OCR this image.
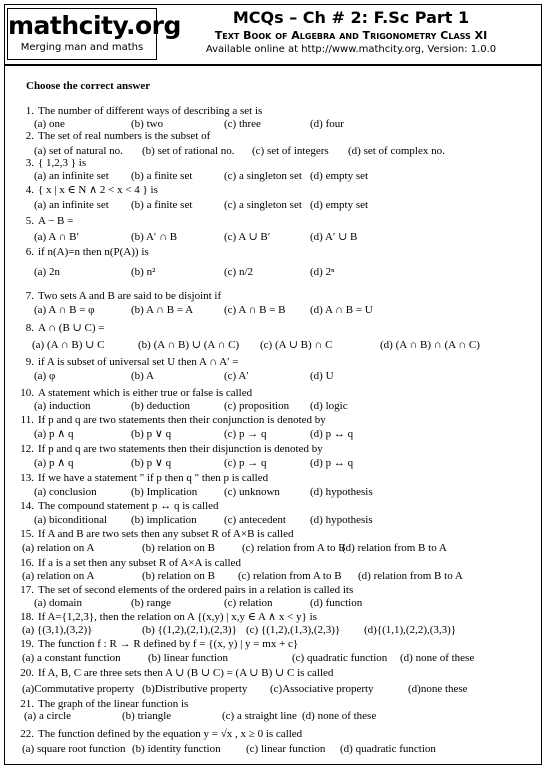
mathcity.org
Merging man and maths
MCQs – Ch # 2: F.Sc Part 1
Text Book of Algebra and Trigonometry Class XI
Available online at http://www.mathcity.org, Version: 1.0.0
Choose the correct answer
1. The number of different ways of describing a set is
(a) one	(b) two	(c) three	(d) four
2. The set of real numbers is the subset of
(a) set of natural no. (b) set of rational no. (c) set of integers (d) set of complex no.
3. { 1,2,3 } is
(a) an infinite set (b) a finite set	(c) a singleton set (d) empty set
4. { x | x ∈ N ∧ 2 < x < 4 } is
(a) an infinite set (b) a finite set	(c) a singleton set (d) empty set
5. A − B =
(a) A ∩ B′	(b) A′ ∩ B	(c) A ∪ B′	(d) A′ ∪ B
6. if n(A)=n then n(P(A)) is
(a) 2n	(b) n²	(c) n/2	(d) 2ⁿ
7. Two sets A and B are said to be disjoint if
(a) A ∩ B = φ	(b) A ∩ B = A	(c) A ∩ B = B (d) A ∩ B = U
8. A ∩ (B ∪ C) =
(a) (A ∩ B) ∪ C	(b) (A ∩ B) ∪ (A ∩ C) (c) (A ∪ B) ∩ C	(d) (A ∩ B) ∩ (A ∩ C)
9. if A is subset of universal set U then A ∩ A′ =
(a) φ	(b) A	(c) A′	(d) U
10. A statement which is either true or false is called
(a) induction	(b) deduction	(c) proposition (d) logic
11. If p and q are two statements then their conjunction is denoted by
(a) p ∧ q	(b) p ∨ q	(c) p → q	(d) p ↔ q
12. If p and q are two statements then their disjunction is denoted by
(a) p ∧ q	(b) p ∨ q	(c) p → q	(d) p ↔ q
13. If we have a statement " if p then q " then p is called
(a) conclusion	(b) Implication (c) unknown	(d) hypothesis
14. The compound statement p ↔ q is called
(a) biconditional (b) implication (c) antecedent (d) hypothesis
15. If A and B are two sets then any subset R of A×B is called
(a) relation on A	(b) relation on B (c) relation from A to B
(d) relation from B to A
16. If a is a set then any subset R of A×A is called
(a) relation on A	(b) relation on B (c) relation from A to B (d) relation from B to A
17. The set of second elements of the ordered pairs in a relation is called its
(a) domain	(b) range	(c) relation	(d) function
18. If A={1,2,3}, then the relation on A {(x,y) | x,y ∈ A ∧ x < y} is
(a) {(3,1),(3,2)}	(b) {(1,2),(2,1),(2,3)} (c) {(1,2),(1,3),(2,3)} (d){(1,1),(2,2),(3,3)}
19. The function f : R → R defined by f = {(x, y) | y = mx + c}
(a) a constant function (b) linear function	(c) quadratic function (d) none of these
20. If A, B, C are three sets then A ∪ (B ∪ C) = (A ∪ B) ∪ C is called
(a)Commutative property (b)Distributive property (c)Associative property	(d)none these
21. The graph of the linear function is
(a) a circle	(b) triangle	(c) a straight line (d) none of these
22. The function defined by the equation y = √x , x ≥ 0 is called
(a) square root function (b) identity function (c) linear function (d) quadratic function
